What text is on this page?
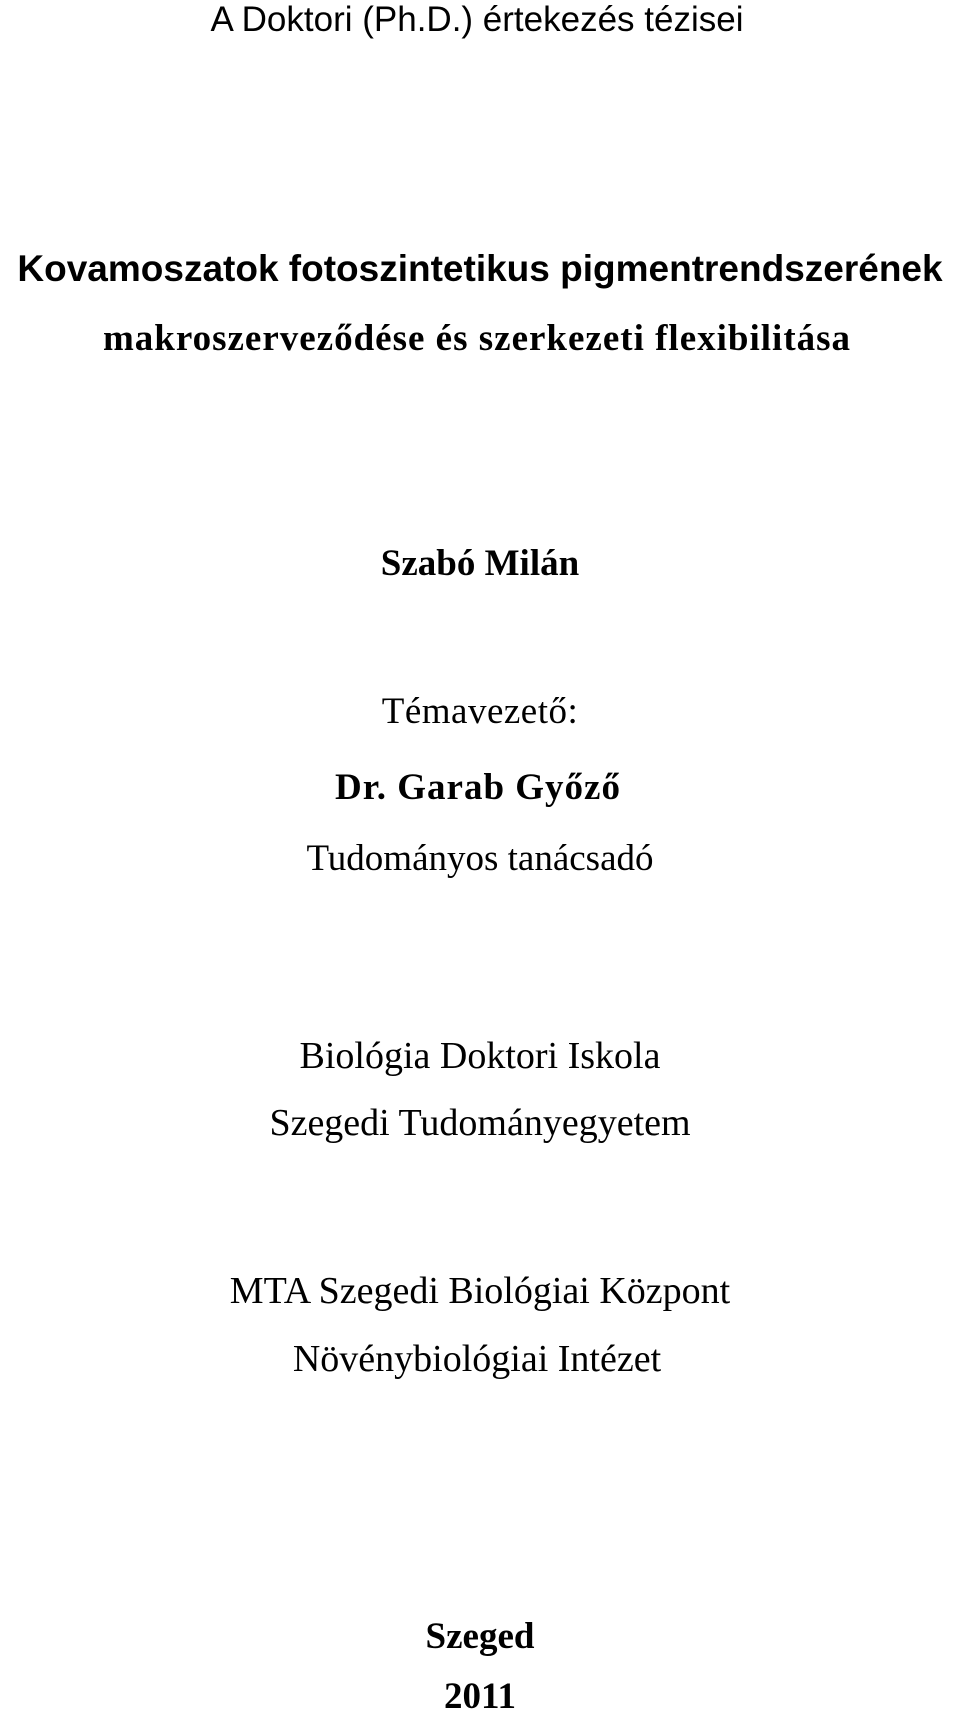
A Doktori (Ph.D.) értekezés tézisei
Kovamoszatok fotoszintetikus pigmentrendszerének
makroszerveződése és szerkezeti flexibilitása
Szabó Milán
Témavezető:
Dr. Garab Győző
Tudományos tanácsadó
Biológia Doktori Iskola
Szegedi Tudományegyetem
MTA Szegedi Biológiai Központ
Növénybiológiai Intézet
Szeged
2011
